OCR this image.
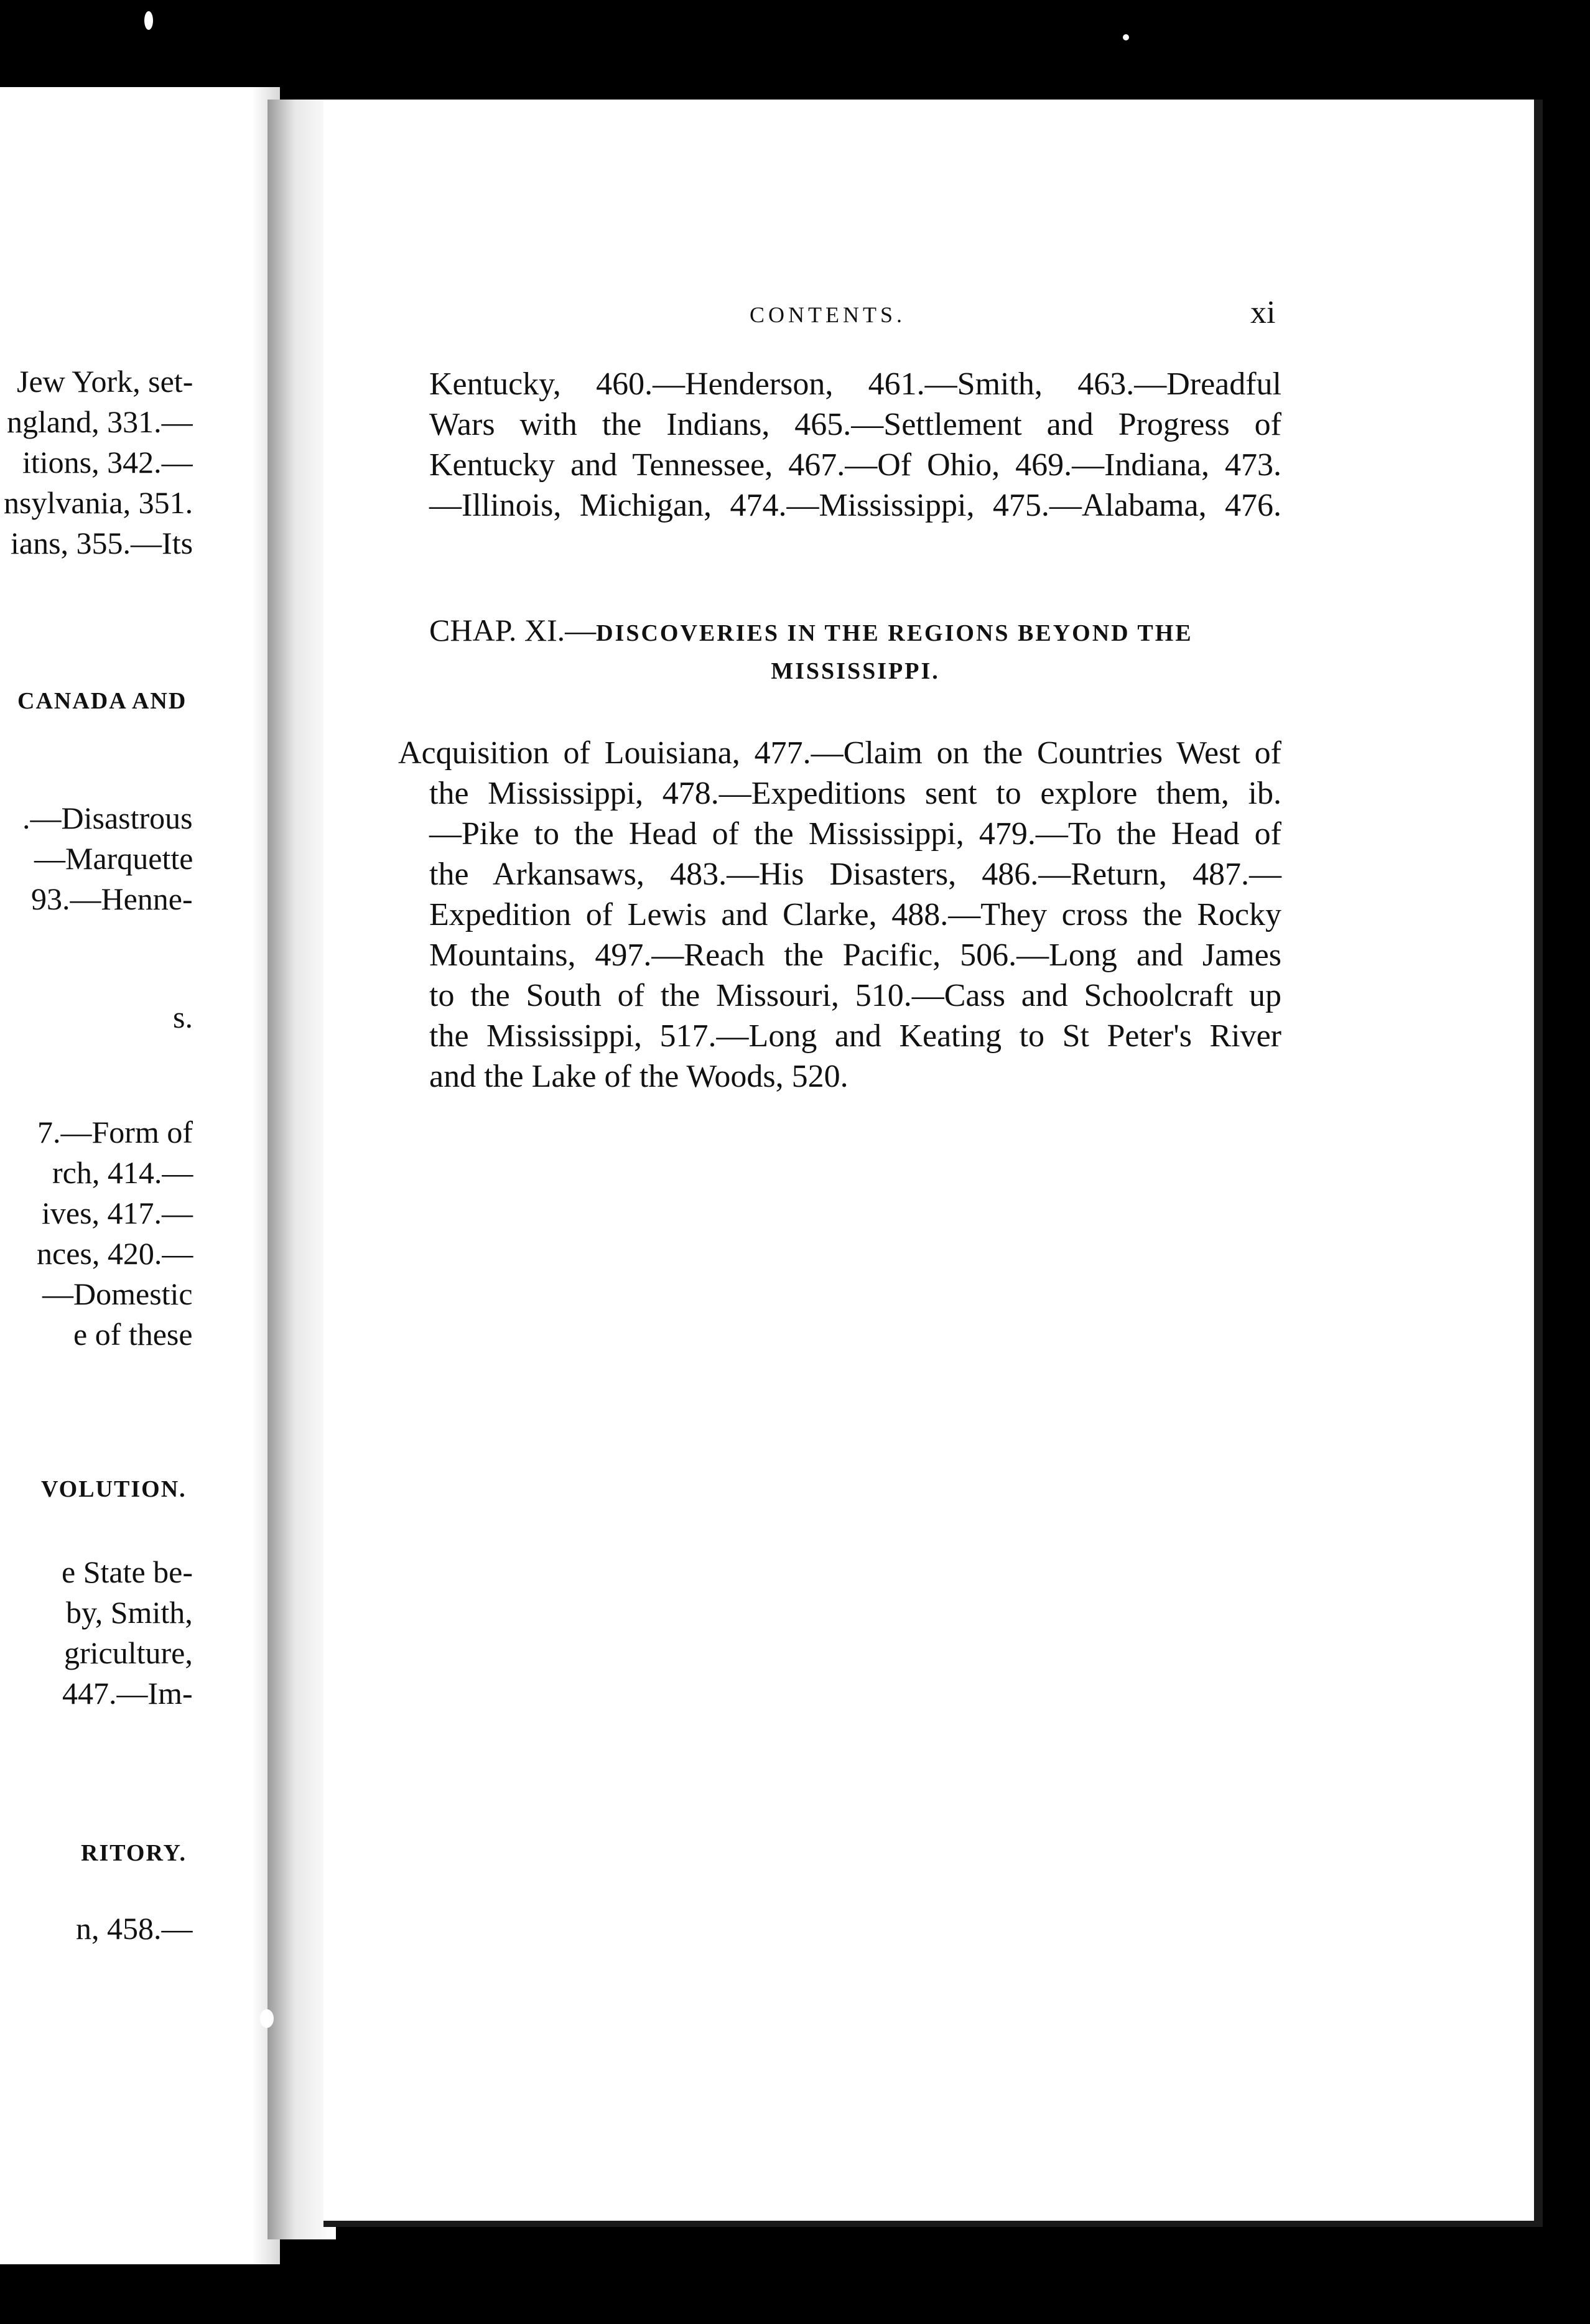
Jew York, set-
ngland, 331.—
itions, 342.—
nsylvania, 351.
ians, 355.—Its
CANADA AND
.—Disastrous
—Marquette
93.—Henne-
s.
7.—Form of
rch, 414.—
ives, 417.—
nces, 420.—
—Domestic
e of these
VOLUTION.
e State be-
by, Smith,
griculture,
447.—Im-
RITORY.
n, 458.—
CONTENTS.	xi
Kentucky, 460.—Henderson, 461.—Smith, 463.—Dreadful
Wars with the Indians, 465.—Settlement and Progress of
Kentucky and Tennessee, 467.—Of Ohio, 469.—Indiana, 473.
—Illinois, Michigan, 474.—Mississippi, 475.—Alabama, 476.
CHAP. XI.—DISCOVERIES IN THE REGIONS BEYOND THE
MISSISSIPPI.
Acquisition of Louisiana, 477.—Claim on the Countries West of
the Mississippi, 478.—Expeditions sent to explore them, ib.
—Pike to the Head of the Mississippi, 479.—To the Head of
the Arkansaws, 483.—His Disasters, 486.—Return, 487.—
Expedition of Lewis and Clarke, 488.—They cross the Rocky
Mountains, 497.—Reach the Pacific, 506.—Long and James
to the South of the Missouri, 510.—Cass and Schoolcraft up
the Mississippi, 517.—Long and Keating to St Peter's River
and the Lake of the Woods, 520.
